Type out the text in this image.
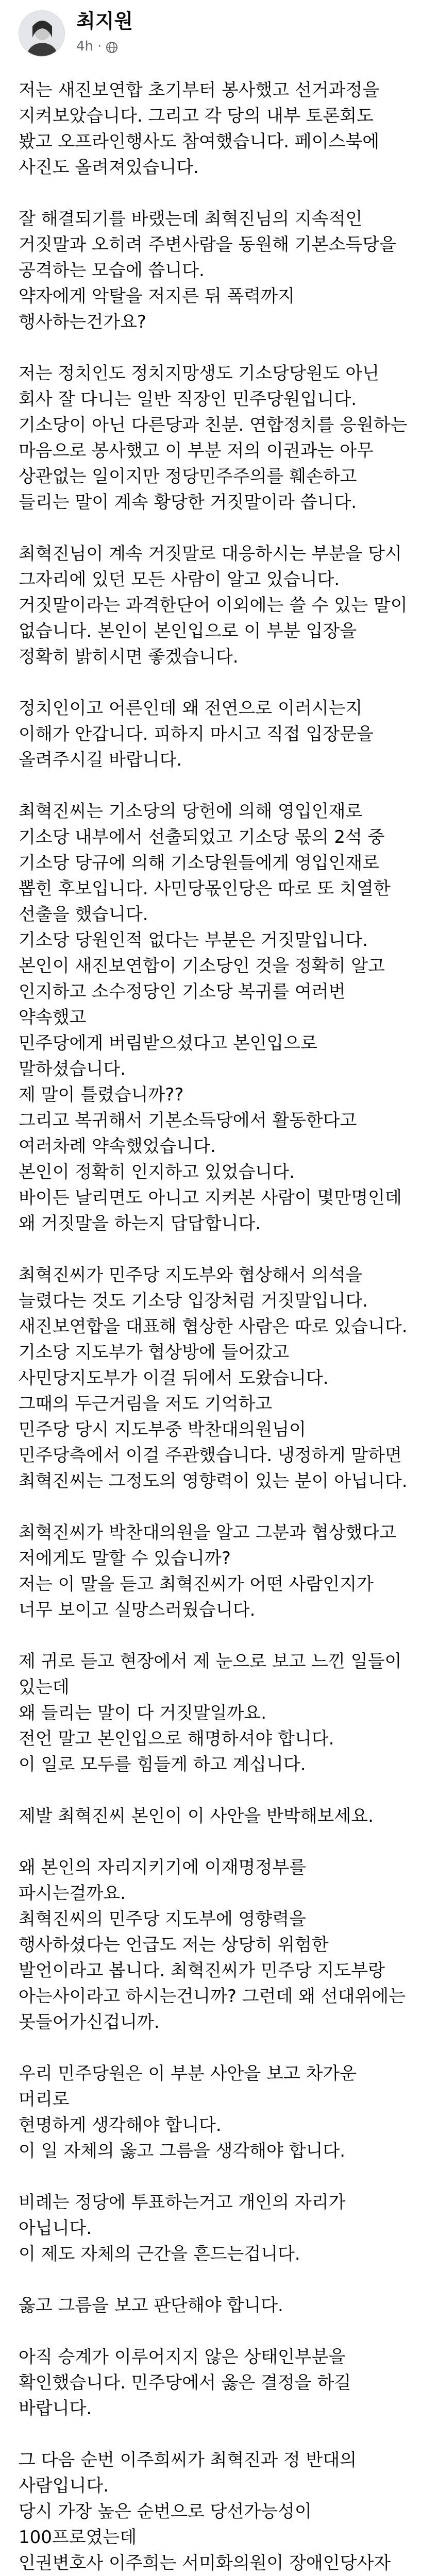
최지원
4h ·

저는 새진보연합 초기부터 봉사했고 선거과정을
지켜보았습니다. 그리고 각 당의 내부 토론회도
봤고 오프라인행사도 참여했습니다. 페이스북에
사진도 올려져있습니다.

잘 해결되기를 바랬는데 최혁진님의 지속적인
거짓말과 오히려 주변사람을 동원해 기본소득당을
공격하는 모습에 씁니다.
약자에게 악탈을 저지른 뒤 폭력까지
행사하는건가요?

저는 정치인도 정치지망생도 기소당당원도 아닌
회사 잘 다니는 일반 직장인 민주당원입니다.
기소당이 아닌 다른당과 친분. 연합정치를 응원하는
마음으로 봉사했고 이 부분 저의 이권과는 아무
상관없는 일이지만 정당민주주의를 훼손하고
들리는 말이 계속 황당한 거짓말이라 씁니다.

최혁진님이 계속 거짓말로 대응하시는 부분을 당시
그자리에 있던 모든 사람이 알고 있습니다.
거짓말이라는 과격한단어 이외에는 쓸 수 있는 말이
없습니다. 본인이 본인입으로 이 부분 입장을
정확히 밝히시면 좋겠습니다.

정치인이고 어른인데 왜 전연으로 이러시는지
이해가 안갑니다. 피하지 마시고 직접 입장문을
올려주시길 바랍니다.

최혁진씨는 기소당의 당헌에 의해 영입인재로
기소당 내부에서 선출되었고 기소당 몫의 2석 중
기소당 당규에 의해 기소당원들에게 영입인재로
뽑힌 후보입니다. 사민당몫인당은 따로 또 치열한
선출을 했습니다.
기소당 당원인적 없다는 부분은 거짓말입니다.
본인이 새진보연합이 기소당인 것을 정확히 알고
인지하고 소수정당인 기소당 복귀를 여러번
약속했고
민주당에게 버림받으셨다고 본인입으로
말하셨습니다.
제 말이 틀렸습니까??
그리고 복귀해서 기본소득당에서 활동한다고
여러차례 약속했었습니다.
본인이 정확히 인지하고 있었습니다.
바이든 날리면도 아니고 지켜본 사람이 몇만명인데
왜 거짓말을 하는지 답답합니다.

최혁진씨가 민주당 지도부와 협상해서 의석을
늘렸다는 것도 기소당 입장처럼 거짓말입니다.
새진보연합을 대표해 협상한 사람은 따로 있습니다.
기소당 지도부가 협상방에 들어갔고
사민당지도부가 이걸 뒤에서 도왔습니다.
그때의 두근거림을 저도 기억하고
민주당 당시 지도부중 박찬대의원님이
민주당측에서 이걸 주관했습니다. 냉정하게 말하면
최혁진씨는 그정도의 영향력이 있는 분이 아닙니다.

최혁진씨가 박찬대의원을 알고 그분과 협상했다고
저에게도 말할 수 있습니까?
저는 이 말을 듣고 최혁진씨가 어떤 사람인지가
너무 보이고 실망스러웠습니다.

제 귀로 듣고 현장에서 제 눈으로 보고 느낀 일들이
있는데
왜 들리는 말이 다 거짓말일까요.
전언 말고 본인입으로 해명하셔야 합니다.
이 일로 모두를 힘들게 하고 계십니다.

제발 최혁진씨 본인이 이 사안을 반박해보세요.

왜 본인의 자리지키기에 이재명정부를
파시는걸까요.
최혁진씨의 민주당 지도부에 영향력을
행사하셨다는 언급도 저는 상당히 위험한
발언이라고 봅니다. 최혁진씨가 민주당 지도부랑
아는사이라고 하시는건니까? 그런데 왜 선대위에는
못들어가신겁니까.

우리 민주당원은 이 부분 사안을 보고 차가운
머리로
현명하게 생각해야 합니다.
이 일 자체의 옳고 그름을 생각해야 합니다.

비례는 정당에 투표하는거고 개인의 자리가
아닙니다.
이 제도 자체의 근간을 흔드는겁니다.

옳고 그름을 보고 판단해야 합니다.

아직 승계가 이루어지지 않은 상태인부분을
확인했습니다. 민주당에서 옳은 결정을 하길
바랍니다.

그 다음 순번 이주희씨가 최혁진과 정 반대의
사람입니다.
당시 가장 높은 순번으로 당선가능성이
100프로였는데
인권변호사 이주희는 서미화의원이 장애인당사자
